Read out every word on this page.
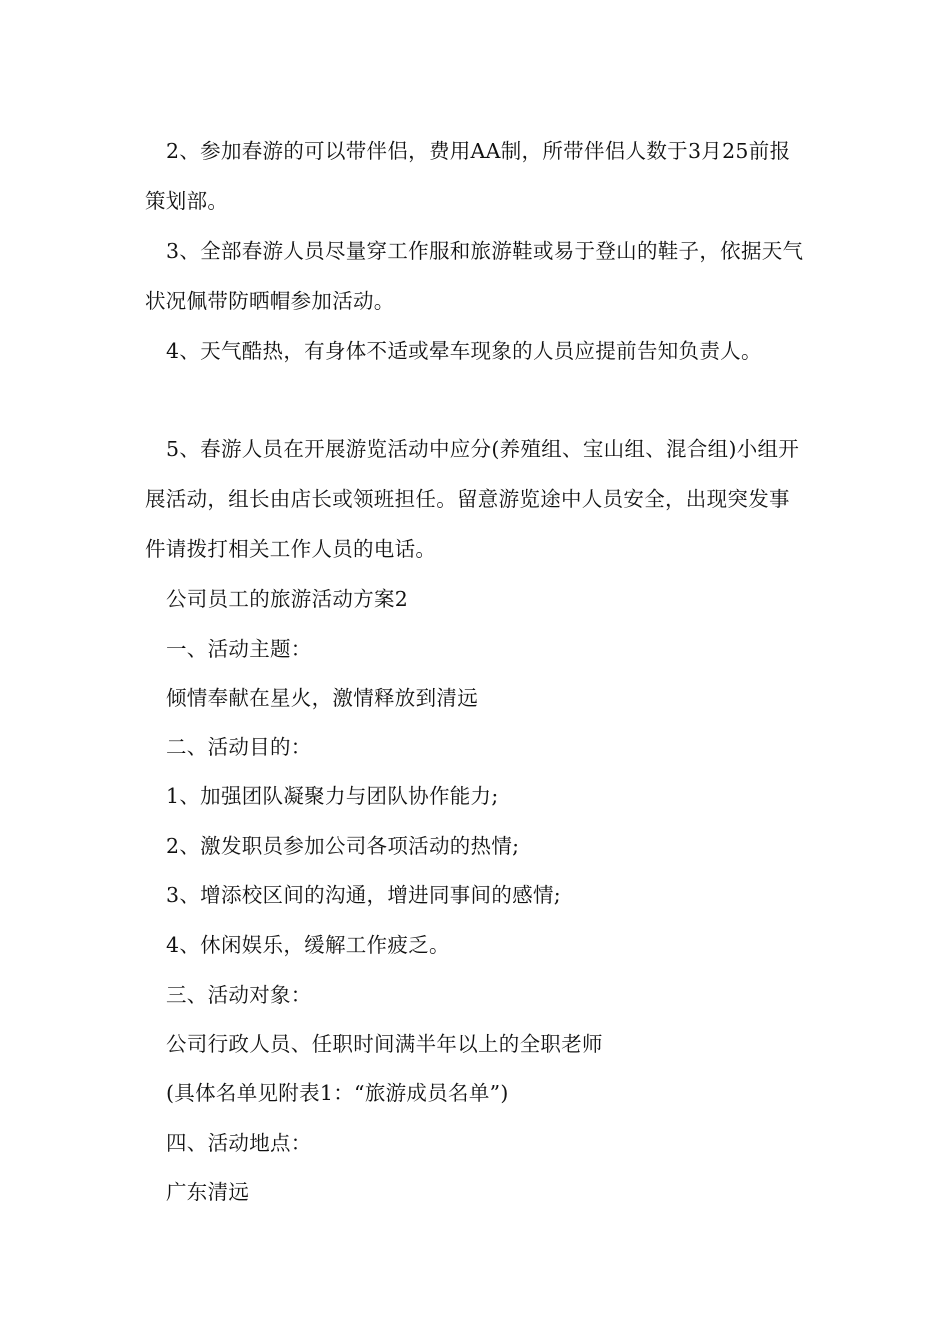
2、参加春游的可以带伴侣，费用AA制，所带伴侣人数于3月25前报策划部。

3、全部春游人员尽量穿工作服和旅游鞋或易于登山的鞋子，依据天气状况佩带防晒帽参加活动。

4、天气酷热，有身体不适或晕车现象的人员应提前告知负责人。

5、春游人员在开展游览活动中应分(养殖组、宝山组、混合组)小组开展活动，组长由店长或领班担任。留意游览途中人员安全，出现突发事件请拨打相关工作人员的电话。

公司员工的旅游活动方案2

一、活动主题：

倾情奉献在星火，激情释放到清远

二、活动目的：

1、加强团队凝聚力与团队协作能力;

2、激发职员参加公司各项活动的热情;

3、增添校区间的沟通，增进同事间的感情;

4、休闲娱乐，缓解工作疲乏。

三、活动对象：

公司行政人员、任职时间满半年以上的全职老师

(具体名单见附表1：“旅游成员名单”)

四、活动地点：

广东清远
